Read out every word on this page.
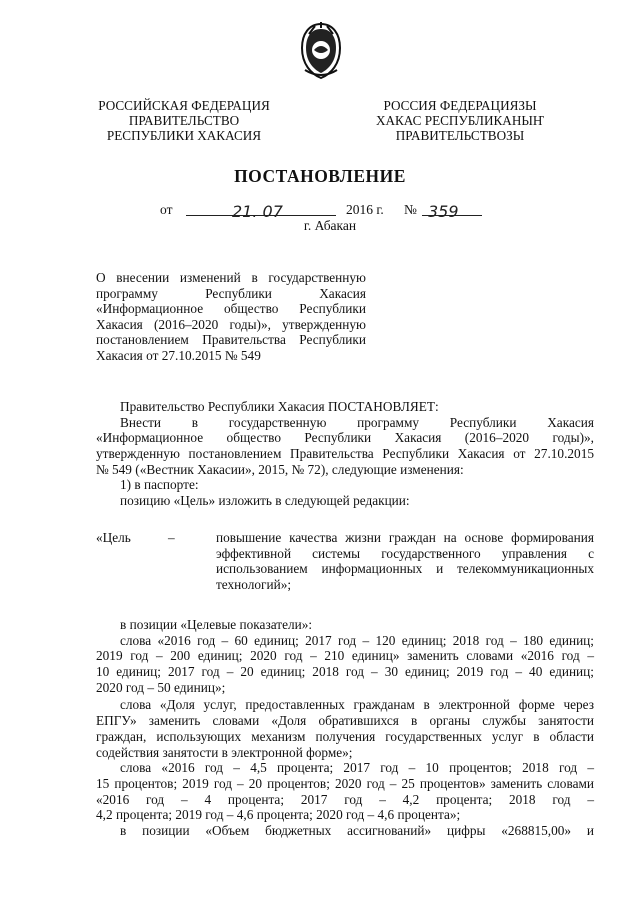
РОССИЙСКАЯ ФЕДЕРАЦИЯ
ПРАВИТЕЛЬСТВО
РЕСПУБЛИКИ ХАКАСИЯ
РОССИЯ ФЕДЕРАЦИЯЗЫ
ХАКАС РЕСПУБЛИКАНЫҤ
ПРАВИТЕЛЬСТВОЗЫ
ПОСТАНОВЛЕНИЕ
от	21. 07	2016 г. № 359
г. Абакан
О внесении изменений в государственную
программу Республики Хакасия
«Информационное общество Республики
Хакасия (2016–2020 годы)», утвержденную
постановлением Правительства Республики
Хакасия от 27.10.2015 № 549
Правительство Республики Хакасия ПОСТАНОВЛЯЕТ:
Внести в государственную программу Республики Хакасия
«Информационное общество Республики Хакасия (2016–2020 годы)»,
утвержденную постановлением Правительства Республики Хакасия от 27.10.2015
№ 549 («Вестник Хакасии», 2015, № 72), следующие изменения:
1) в паспорте:
позицию «Цель» изложить в следующей редакции:
«Цель	–	повышение качества жизни граждан на основе формирования
эффективной системы государственного управления с
использованием информационных и телекоммуникационных
технологий»;
в позиции «Целевые показатели»:
слова «2016 год – 60 единиц; 2017 год – 120 единиц; 2018 год – 180 единиц;
2019 год – 200 единиц; 2020 год – 210 единиц» заменить словами «2016 год –
10 единиц; 2017 год – 20 единиц; 2018 год – 30 единиц; 2019 год – 40 единиц;
2020 год – 50 единиц»;
слова «Доля услуг, предоставленных гражданам в электронной форме через
ЕПГУ» заменить словами «Доля обратившихся в органы службы занятости
граждан, использующих механизм получения государственных услуг в области
содействия занятости в электронной форме»;
слова «2016 год – 4,5 процента; 2017 год – 10 процентов; 2018 год –
15 процентов; 2019 год – 20 процентов; 2020 год – 25 процентов» заменить словами
«2016 год – 4 процента; 2017 год – 4,2 процента; 2018 год –
4,2 процента; 2019 год – 4,6 процента; 2020 год – 4,6 процента»;
в позиции «Объем бюджетных ассигнований» цифры «268815,00» и
